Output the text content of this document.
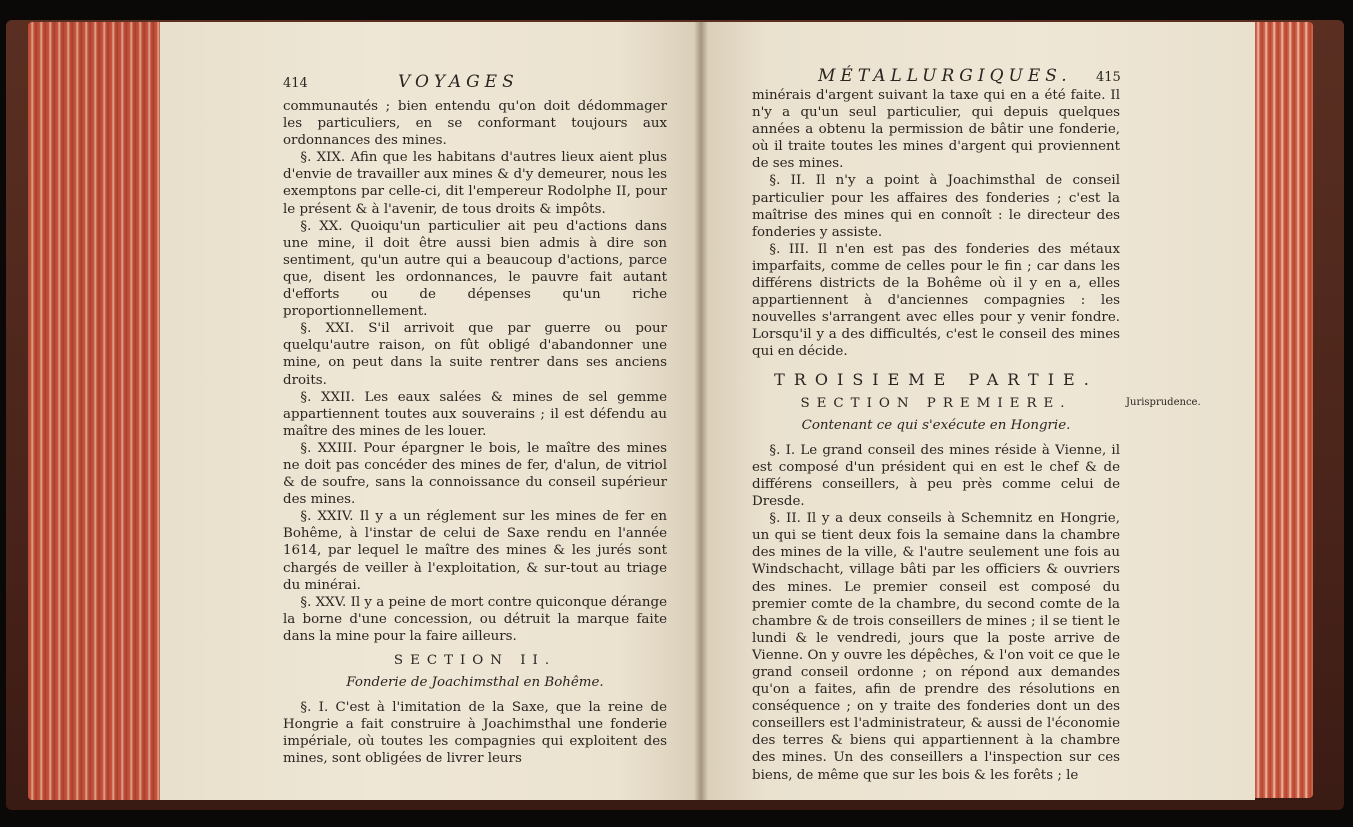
414	VOYAGES

communautés ; bien entendu qu'on doit dédommager les particuliers, en se conformant toujours aux ordonnances des mines.

§. XIX. Afin que les habitans d'autres lieux aient plus d'envie de travailler aux mines & d'y demeurer, nous les exemptons par celle-ci, dit l'empereur Rodolphe II, pour le présent & à l'avenir, de tous droits & impôts.

§. XX. Quoiqu'un particulier ait peu d'actions dans une mine, il doit être aussi bien admis à dire son sentiment, qu'un autre qui a beaucoup d'actions, parce que, disent les ordonnances, le pauvre fait autant d'efforts ou de dépenses qu'un riche proportionnellement.

§. XXI. S'il arrivoit que par guerre ou pour quelqu'autre raison, on fût obligé d'abandonner une mine, on peut dans la suite rentrer dans ses anciens droits.

§. XXII. Les eaux salées & mines de sel gemme appartiennent toutes aux souverains ; il est défendu au maître des mines de les louer.

§. XXIII. Pour épargner le bois, le maître des mines ne doit pas concéder des mines de fer, d'alun, de vitriol & de soufre, sans la connoissance du conseil supérieur des mines.

§. XXIV. Il y a un réglement sur les mines de fer en Bohême, à l'instar de celui de Saxe rendu en l'année 1614, par lequel le maître des mines & les jurés sont chargés de veiller à l'exploitation, & sur-tout au triage du minérai.

§. XXV. Il y a peine de mort contre quiconque dérange la borne d'une concession, ou détruit la marque faite dans la mine pour la faire ailleurs.

SECTION II.
Fonderie de Joachimsthal en Bohême.

§. I. C'est à l'imitation de la Saxe, que la reine de Hongrie a fait construire à Joachimsthal une fonderie impériale, où toutes les compagnies qui exploitent des mines, sont obligées de livrer leurs

MÉTALLURGIQUES. 415

minérais d'argent suivant la taxe qui en a été faite. Il n'y a qu'un seul particulier, qui depuis quelques années a obtenu la permission de bâtir une fonderie, où il traite toutes les mines d'argent qui proviennent de ses mines.

§. II. Il n'y a point à Joachimsthal de conseil particulier pour les affaires des fonderies ; c'est la maîtrise des mines qui en connoît : le directeur des fonderies y assiste.

§. III. Il n'en est pas des fonderies des métaux imparfaits, comme de celles pour le fin ; car dans les différens districts de la Bohême où il y en a, elles appartiennent à d'anciennes compagnies : les nouvelles s'arrangent avec elles pour y venir fondre. Lorsqu'il y a des difficultés, c'est le conseil des mines qui en décide.

TROISIEME PARTIE.
SECTION PREMIERE.
Contenant ce qui s'exécute en Hongrie.

§. I. Le grand conseil des mines réside à Vienne, il est composé d'un président qui en est le chef & de différens conseillers, à peu près comme celui de Dresde.

§. II. Il y a deux conseils à Schemnitz en Hongrie, un qui se tient deux fois la semaine dans la chambre des mines de la ville, & l'autre seulement une fois au Windschacht, village bâti par les officiers & ouvriers des mines. Le premier conseil est composé du premier comte de la chambre, du second comte de la chambre & de trois conseillers de mines ; il se tient le lundi & le vendredi, jours que la poste arrive de Vienne. On y ouvre les dépêches, & l'on voit ce que le grand conseil ordonne ; on répond aux demandes qu'on a faites, afin de prendre des résolutions en conséquence ; on y traite des fonderies dont un des conseillers est l'administrateur, & aussi de l'économie des terres & biens qui appartiennent à la chambre des mines. Un des conseillers a l'inspection sur ces biens, de même que sur les bois & les forêts ; le

Jurisprudence.
